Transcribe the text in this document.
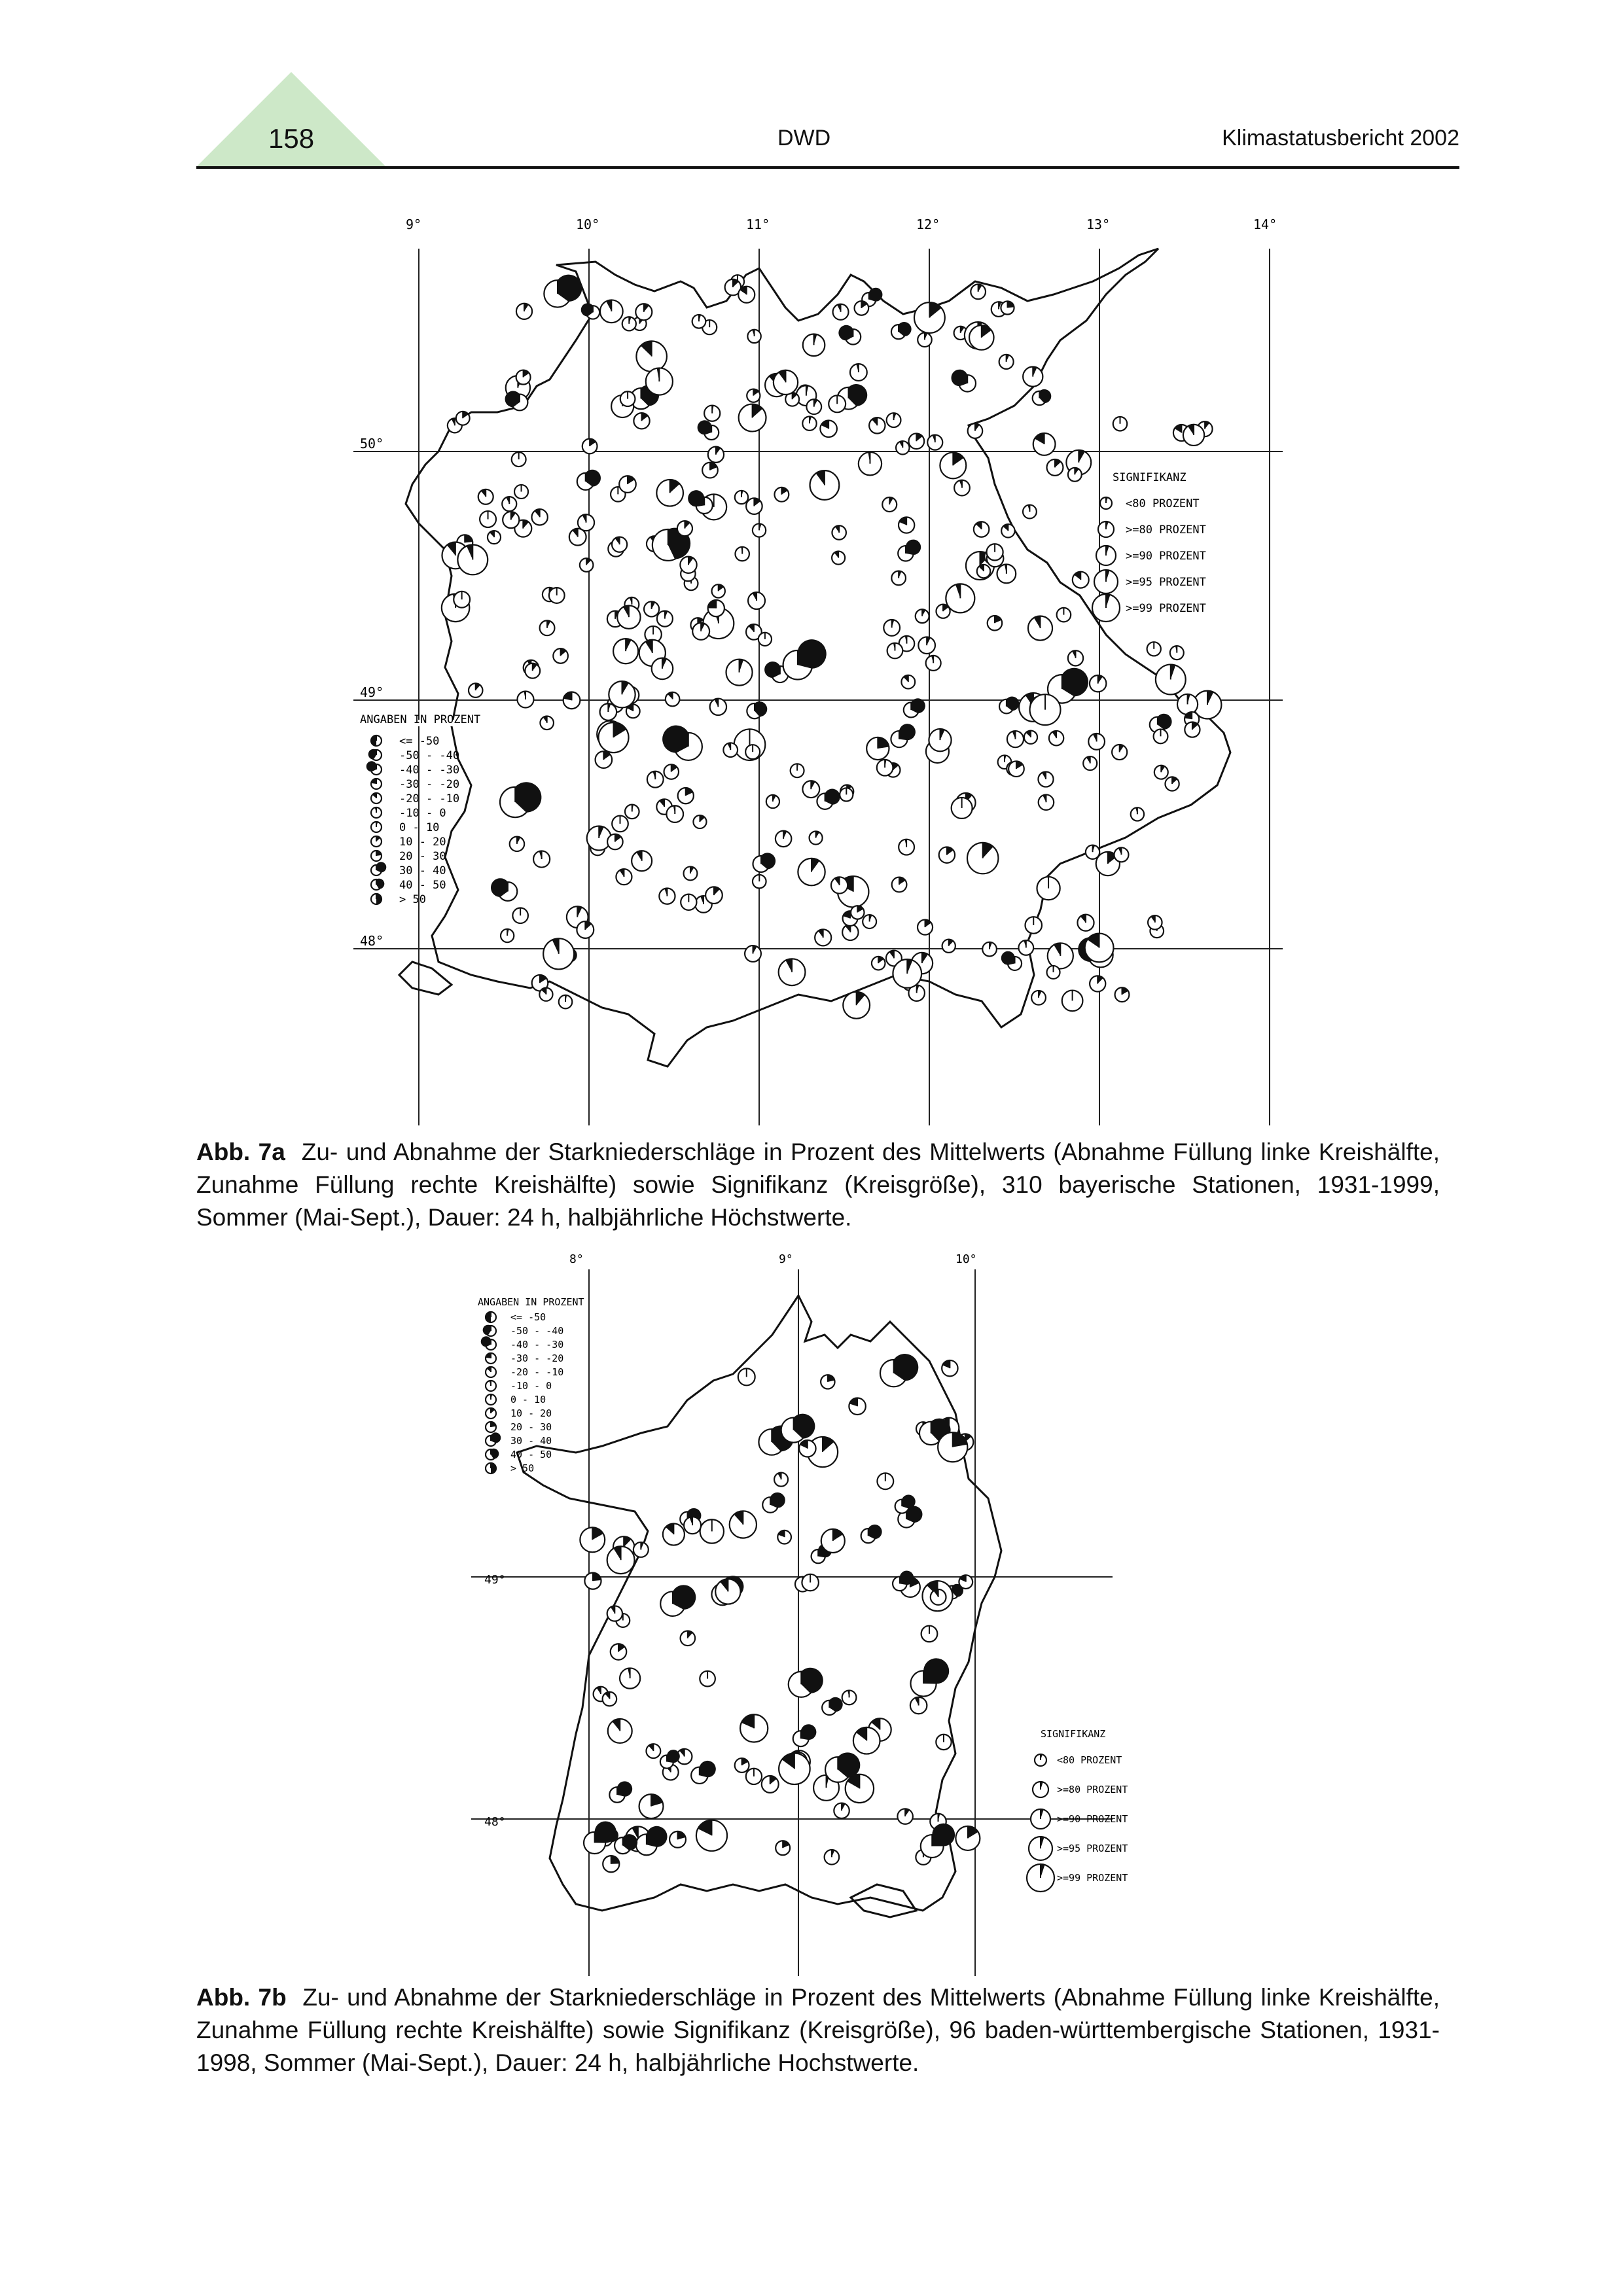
158	DWD	Klimastatusbericht 2002
ANGABEN IN PROZENT
<= -50
-50 - -40
-40 - -30
-30 - -20
-20 - -10
-10 - 0
0 - 10
10 - 20
20 - 30
30 - 40
40 - 50
> 50
SIGNIFIKANZ
<80 PROZENT
>=80 PROZENT
>=90 PROZENT
>=95 PROZENT
>=99 PROZENT
9°	10°	11°	12°	13°	14°
50°
49°
48°
Abb. 7a Zu- und Abnahme der Starkniederschläge in Prozent des Mittelwerts (Abnahme Füllung linke Kreishälfte, Zunahme Füllung rechte Kreishälfte) sowie Signifikanz (Kreisgröße), 310 bayerische Stationen, 1931-1999, Sommer (Mai-Sept.), Dauer: 24 h, halbjährliche Höchstwerte.
ANGABEN IN PROZENT
<= -50
-50 - -40
-40 - -30
-30 - -20
-20 - -10
-10 - 0
0 - 10
10 - 20
20 - 30
30 - 40
40 - 50
> 50
SIGNIFIKANZ
<80 PROZENT
>=80 PROZENT
>=90 PROZENT
>=95 PROZENT
>=99 PROZENT
8°	9°	10°
49°
48°
Abb. 7b Zu- und Abnahme der Starkniederschläge in Prozent des Mittelwerts (Abnahme Füllung linke Kreishälfte, Zunahme Füllung rechte Kreishälfte) sowie Signifikanz (Kreisgröße), 96 baden-württembergische Stationen, 1931-1998, Sommer (Mai-Sept.), Dauer: 24 h, halbjährliche Hochstwerte.
